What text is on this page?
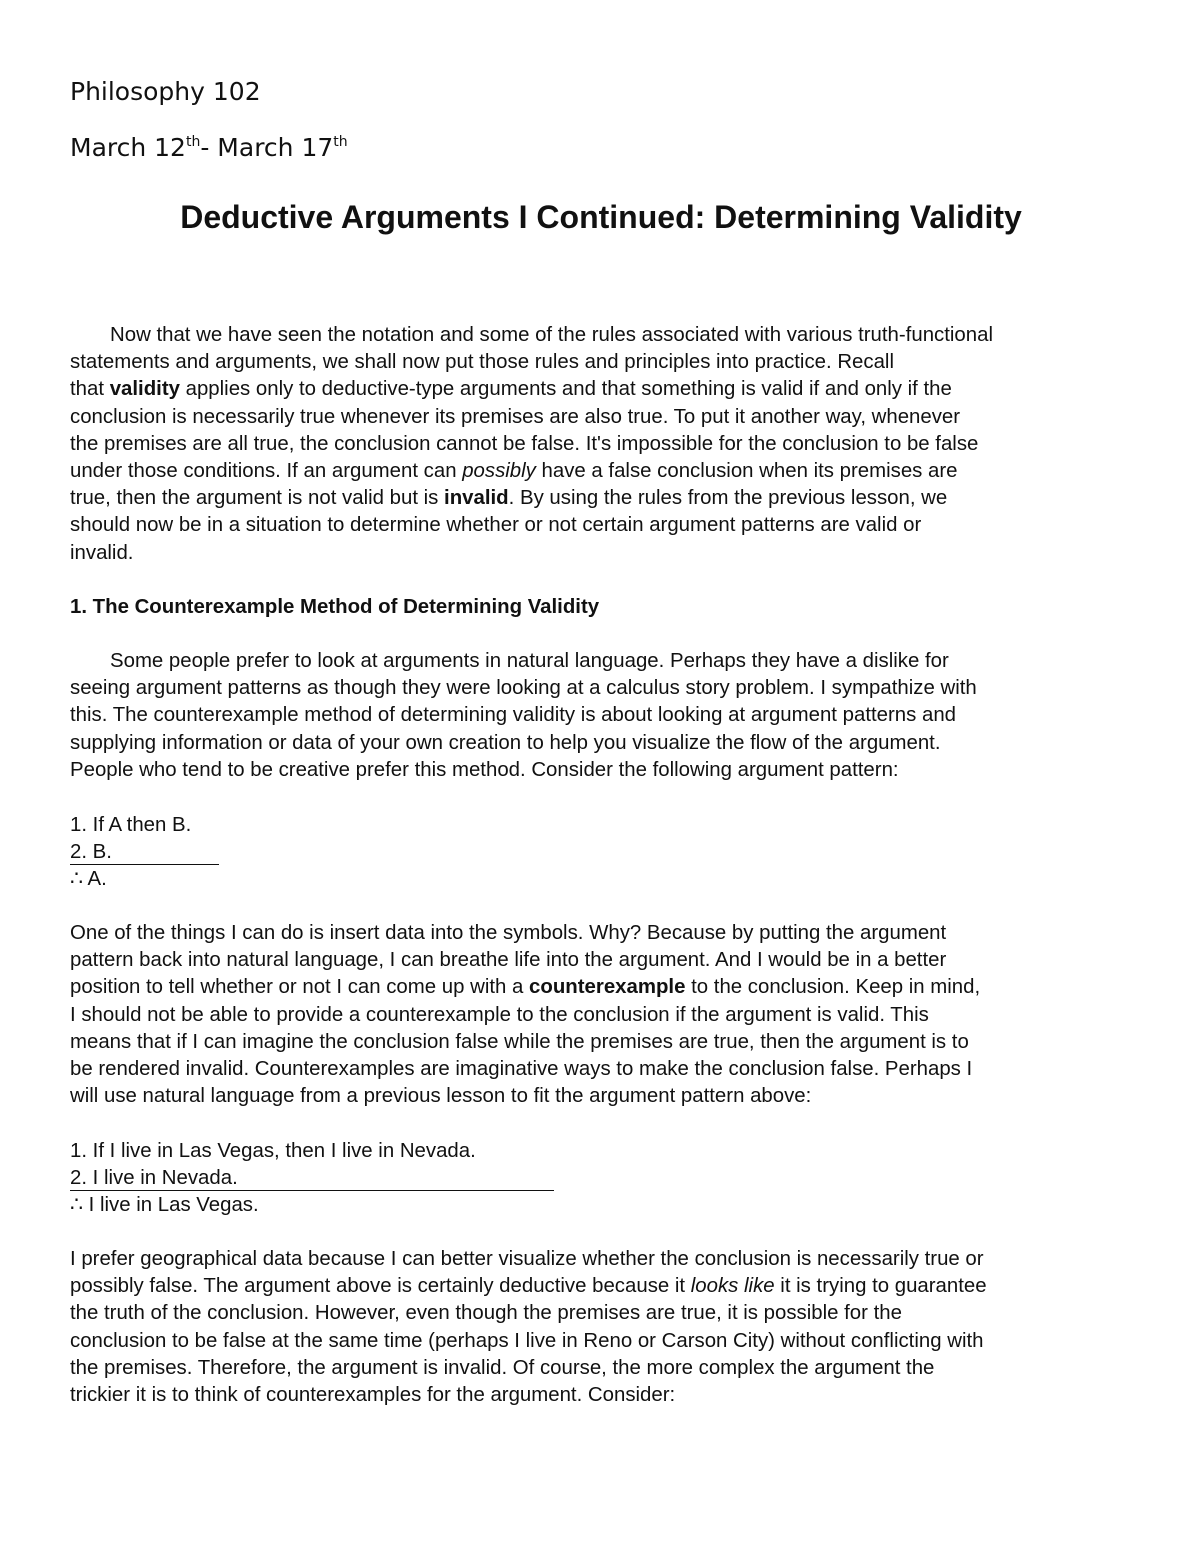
Philosophy 102
March 12th- March 17th
Deductive Arguments I Continued: Determining Validity
Now that we have seen the notation and some of the rules associated with various truth-functional
statements and arguments, we shall now put those rules and principles into practice. Recall
that validity applies only to deductive-type arguments and that something is valid if and only if the
conclusion is necessarily true whenever its premises are also true. To put it another way, whenever
the premises are all true, the conclusion cannot be false. It's impossible for the conclusion to be false
under those conditions. If an argument can possibly have a false conclusion when its premises are
true, then the argument is not valid but is invalid. By using the rules from the previous lesson, we
should now be in a situation to determine whether or not certain argument patterns are valid or
invalid.
1. The Counterexample Method of Determining Validity
Some people prefer to look at arguments in natural language. Perhaps they have a dislike for
seeing argument patterns as though they were looking at a calculus story problem. I sympathize with
this. The counterexample method of determining validity is about looking at argument patterns and
supplying information or data of your own creation to help you visualize the flow of the argument.
People who tend to be creative prefer this method. Consider the following argument pattern:
1. If A then B.
2. B.
∴ A.
One of the things I can do is insert data into the symbols. Why? Because by putting the argument
pattern back into natural language, I can breathe life into the argument. And I would be in a better
position to tell whether or not I can come up with a counterexample to the conclusion. Keep in mind,
I should not be able to provide a counterexample to the conclusion if the argument is valid. This
means that if I can imagine the conclusion false while the premises are true, then the argument is to
be rendered invalid. Counterexamples are imaginative ways to make the conclusion false. Perhaps I
will use natural language from a previous lesson to fit the argument pattern above:
1. If I live in Las Vegas, then I live in Nevada.
2. I live in Nevada.
∴ I live in Las Vegas.
I prefer geographical data because I can better visualize whether the conclusion is necessarily true or
possibly false. The argument above is certainly deductive because it looks like it is trying to guarantee
the truth of the conclusion. However, even though the premises are true, it is possible for the
conclusion to be false at the same time (perhaps I live in Reno or Carson City) without conflicting with
the premises. Therefore, the argument is invalid. Of course, the more complex the argument the
trickier it is to think of counterexamples for the argument. Consider:
